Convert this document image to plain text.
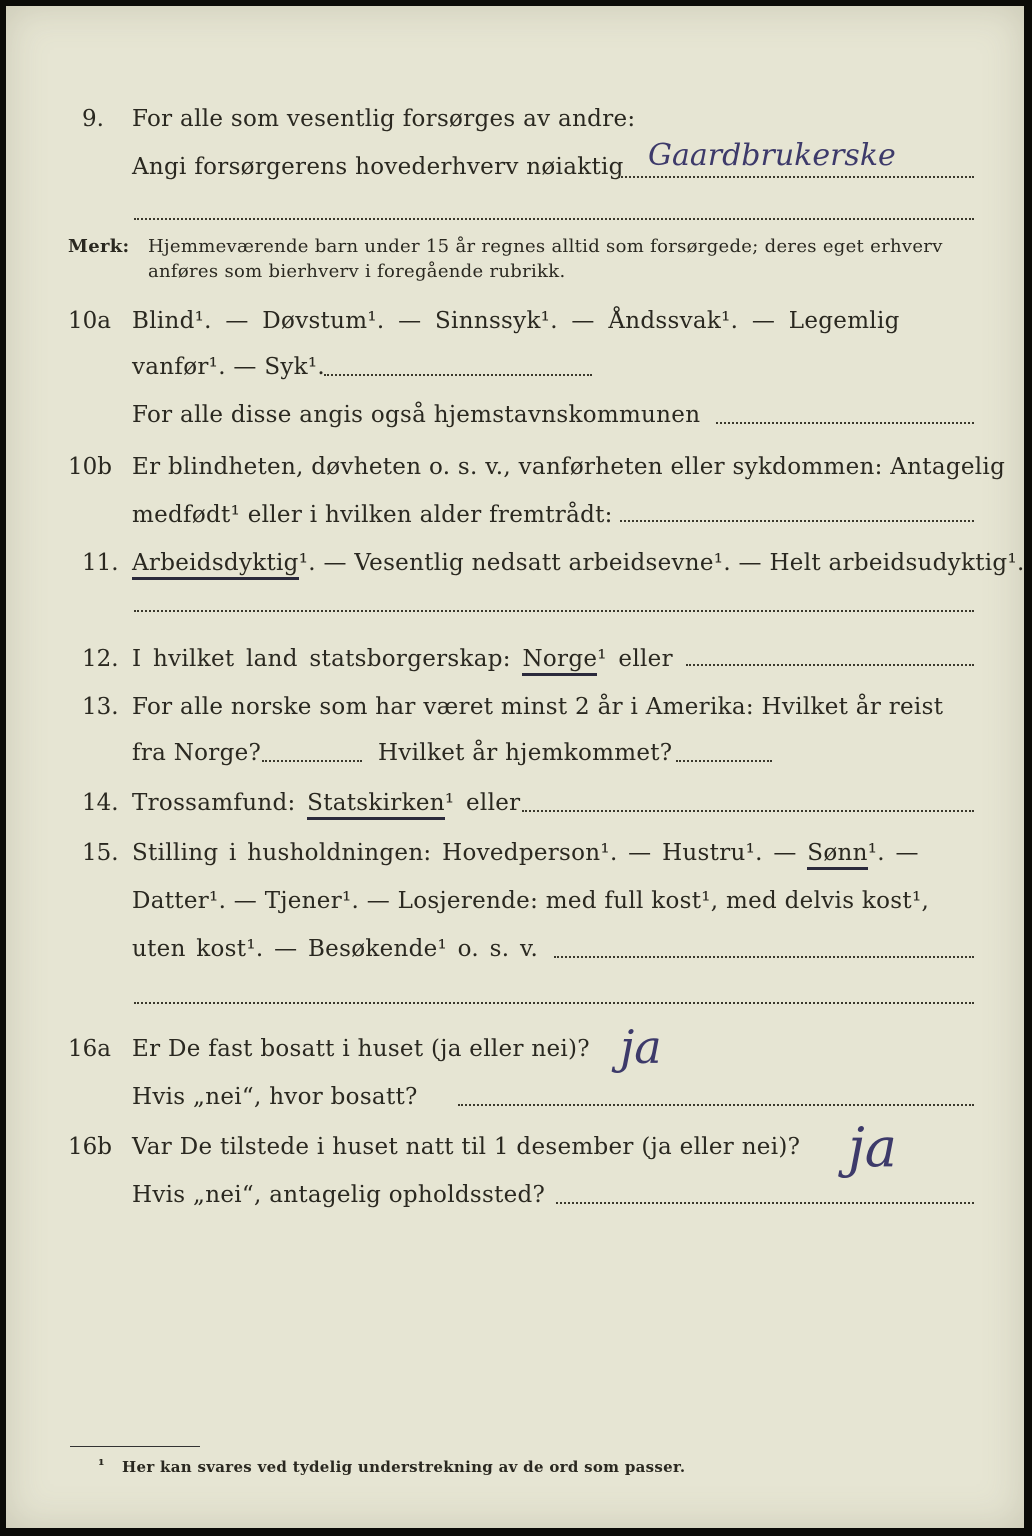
9. For alle som vesentlig forsørges av andre:
Angi forsørgerens hovederhverv nøiaktig Gaardbrukerske
Merk: Hjemmeværende barn under 15 år regnes alltid som forsørgede; deres eget erhverv
anføres som bierhverv i foregående rubrikk.
10a Blind¹. — Døvstum¹. — Sinnssyk¹. — Åndssvak¹. — Legemlig
vanfør¹. — Syk¹.
For alle disse angis også hjemstavnskommunen
10b Er blindheten, døvheten o. s. v., vanførheten eller sykdommen: Antagelig
medfødt¹ eller i hvilken alder fremtrådt:
11. Arbeidsdyktig¹. — Vesentlig nedsatt arbeidsevne¹. — Helt arbeidsudyktig¹.
12. I hvilket land statsborgerskap: Norge¹ eller
13. For alle norske som har været minst 2 år i Amerika: Hvilket år reist
fra Norge?	Hvilket år hjemkommet?
14. Trossamfund: Statskirken¹ eller
15. Stilling i husholdningen: Hovedperson¹. — Hustru¹. — Sønn¹. —
Datter¹. — Tjener¹. — Losjerende: med full kost¹, med delvis kost¹,
uten kost¹. — Besøkende¹ o. s. v.
16a Er De fast bosatt i huset (ja eller nei)? ja
Hvis „nei“, hvor bosatt?
16b Var De tilstede i huset natt til 1 desember (ja eller nei)? ja
Hvis „nei“, antagelig opholdssted?
¹ Her kan svares ved tydelig understrekning av de ord som passer.
